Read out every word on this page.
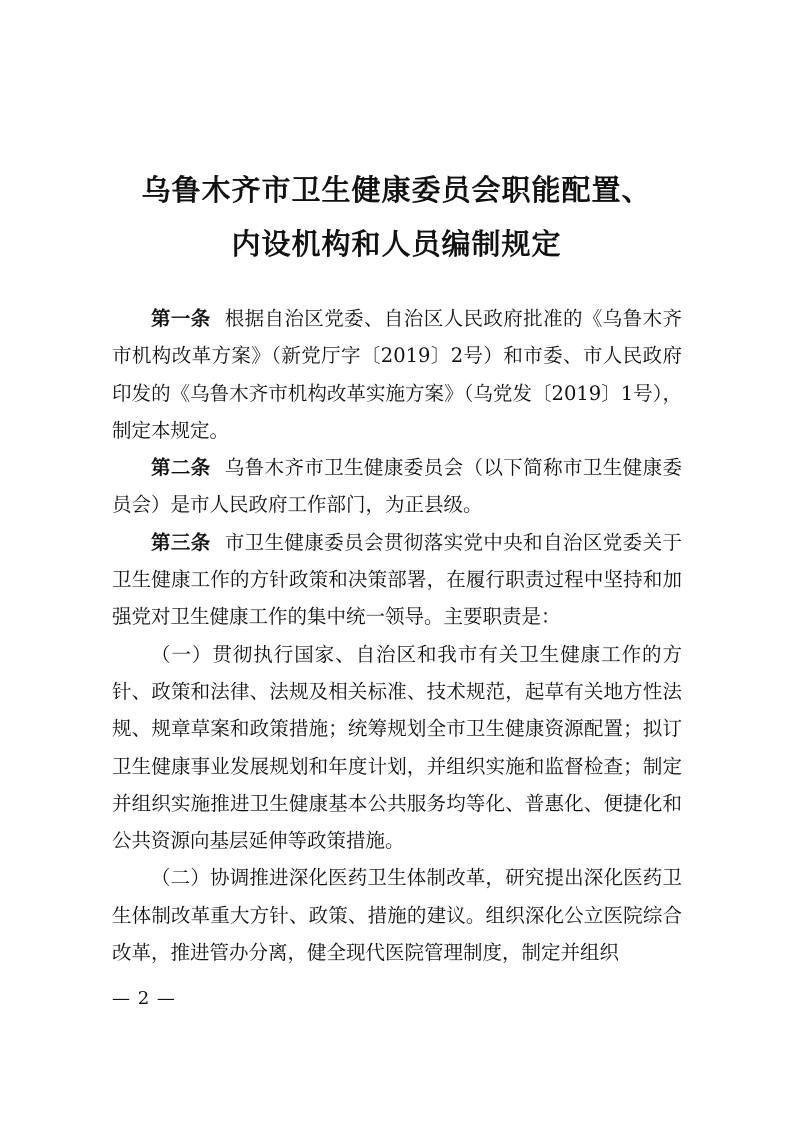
乌鲁木齐市卫生健康委员会职能配置、
内设机构和人员编制规定

第一条 根据自治区党委、自治区人民政府批准的《乌鲁木齐市机构改革方案》（新党厅字〔2019〕2号）和市委、市人民政府印发的《乌鲁木齐市机构改革实施方案》（乌党发〔2019〕1号），制定本规定。

第二条 乌鲁木齐市卫生健康委员会（以下简称市卫生健康委员会）是市人民政府工作部门，为正县级。

第三条 市卫生健康委员会贯彻落实党中央和自治区党委关于卫生健康工作的方针政策和决策部署，在履行职责过程中坚持和加强党对卫生健康工作的集中统一领导。主要职责是：

（一）贯彻执行国家、自治区和我市有关卫生健康工作的方针、政策和法律、法规及相关标准、技术规范，起草有关地方性法规、规章草案和政策措施；统筹规划全市卫生健康资源配置；拟订卫生健康事业发展规划和年度计划，并组织实施和监督检查；制定并组织实施推进卫生健康基本公共服务均等化、普惠化、便捷化和公共资源向基层延伸等政策措施。

（二）协调推进深化医药卫生体制改革，研究提出深化医药卫生体制改革重大方针、政策、措施的建议。组织深化公立医院综合改革，推进管办分离，健全现代医院管理制度，制定并组织

— 2 —
